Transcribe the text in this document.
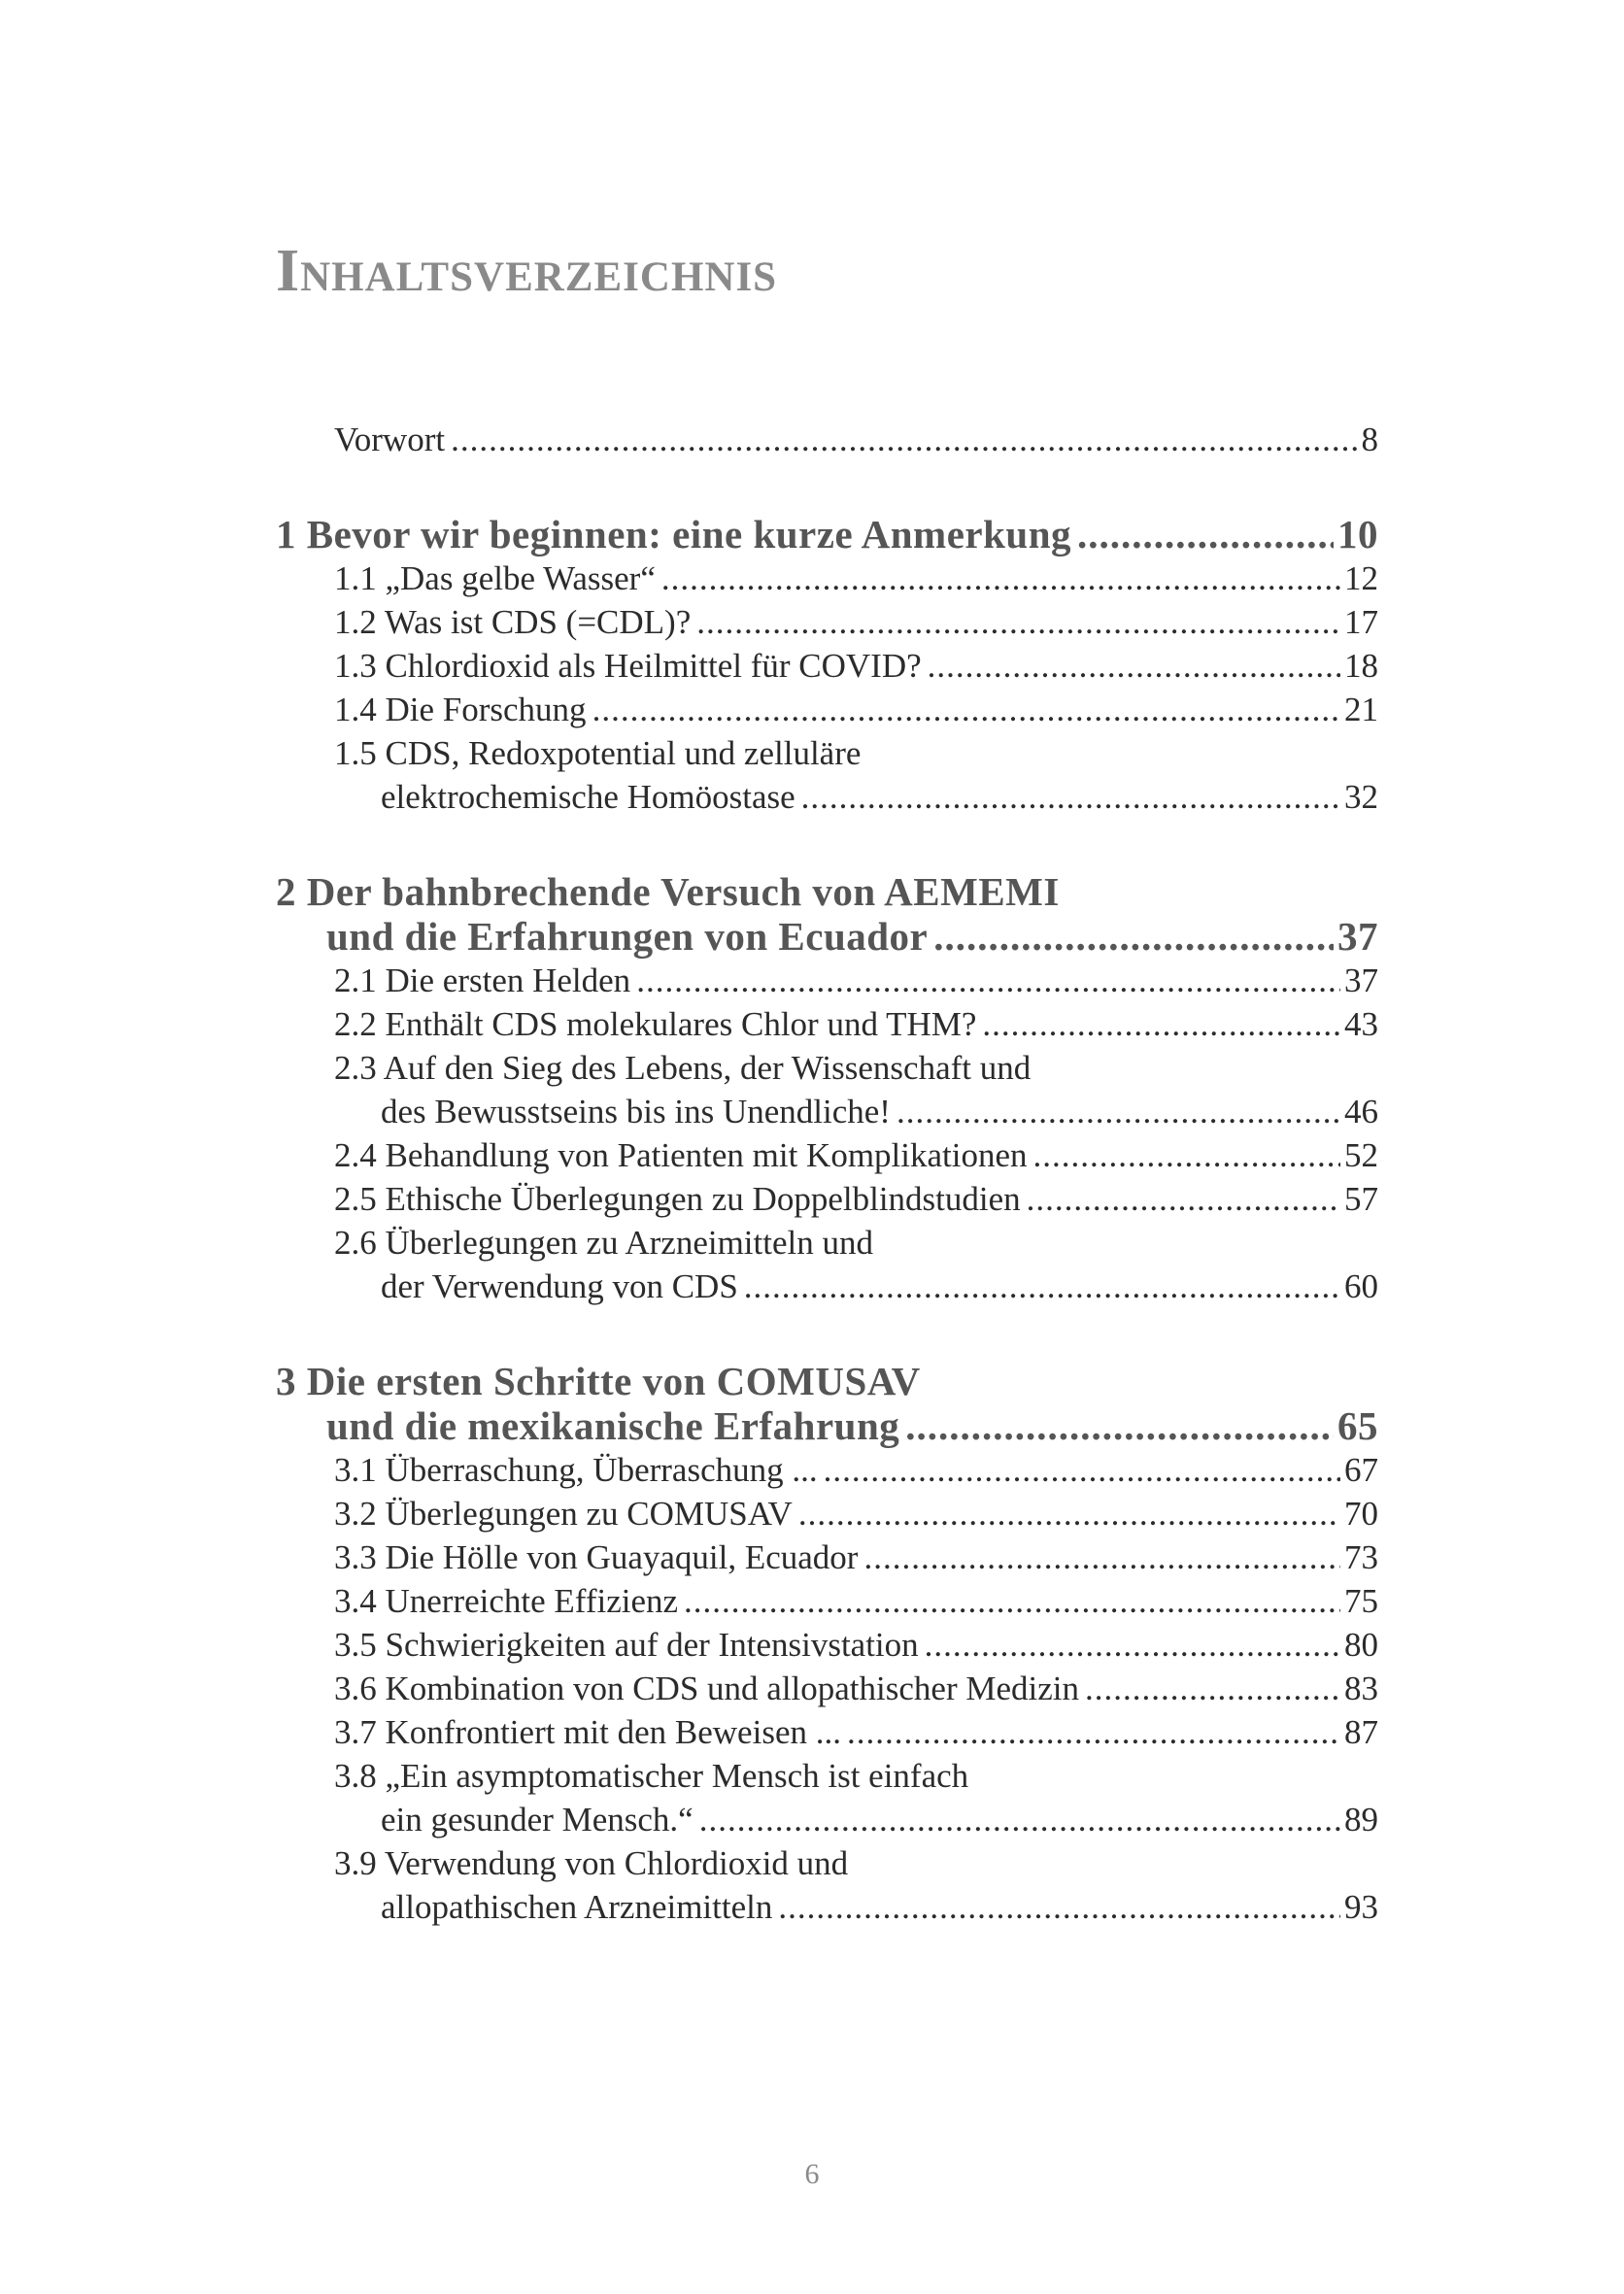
Inhaltsverzeichnis
Vorwort .....	8
1 Bevor wir beginnen: eine kurze Anmerkung .....	10
1.1 „Das gelbe Wasser“ .....	12
1.2 Was ist CDS (=CDL)? .....	17
1.3 Chlordioxid als Heilmittel für COVID? .....	18
1.4 Die Forschung .....	21
1.5 CDS, Redoxpotential und zelluläre
elektrochemische Homöostase .....	32
2 Der bahnbrechende Versuch von AEMEMI
und die Erfahrungen von Ecuador .....	37
2.1 Die ersten Helden .....	37
2.2 Enthält CDS molekulares Chlor und THM? .....	43
2.3 Auf den Sieg des Lebens, der Wissenschaft und
des Bewusstseins bis ins Unendliche! .....	46
2.4 Behandlung von Patienten mit Komplikationen .....	52
2.5 Ethische Überlegungen zu Doppelblindstudien .....	57
2.6 Überlegungen zu Arzneimitteln und
der Verwendung von CDS .....	60
3 Die ersten Schritte von COMUSAV
und die mexikanische Erfahrung .....	65
3.1 Überraschung, Überraschung ... .....	67
3.2 Überlegungen zu COMUSAV .....	70
3.3 Die Hölle von Guayaquil, Ecuador .....	73
3.4 Unerreichte Effizienz .....	75
3.5 Schwierigkeiten auf der Intensivstation .....	80
3.6 Kombination von CDS und allopathischer Medizin .....	83
3.7 Konfrontiert mit den Beweisen ... .....	87
3.8 „Ein asymptomatischer Mensch ist einfach
ein gesunder Mensch.“ .....	89
3.9 Verwendung von Chlordioxid und
allopathischen Arzneimitteln .....	93
6
